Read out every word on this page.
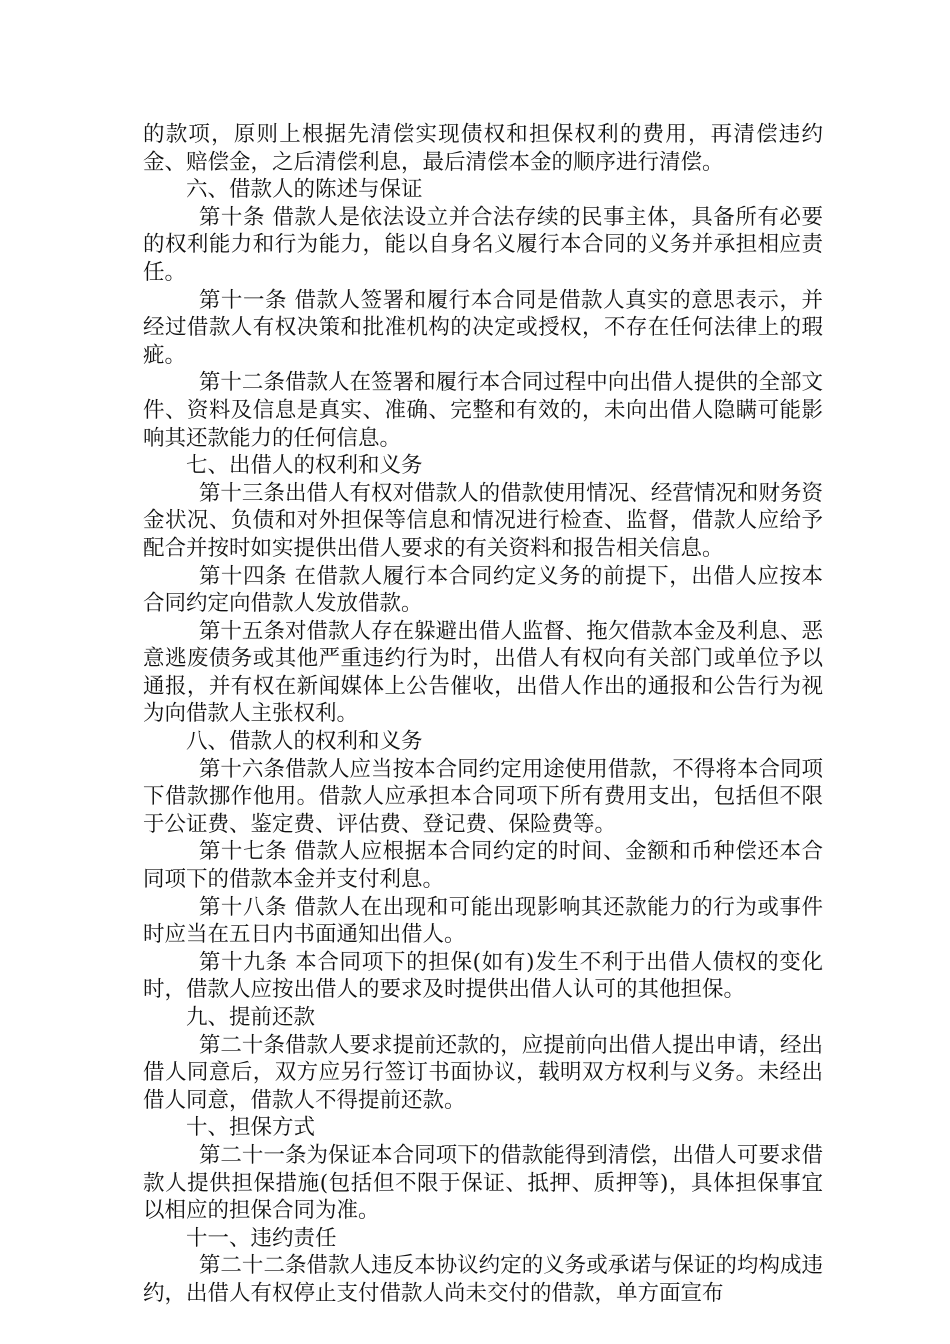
的款项，原则上根据先清偿实现债权和担保权利的费用，再清偿违约金、赔偿金，之后清偿利息，最后清偿本金的顺序进行清偿。

六、借款人的陈述与保证

第十条 借款人是依法设立并合法存续的民事主体，具备所有必要的权利能力和行为能力，能以自身名义履行本合同的义务并承担相应责任。

第十一条 借款人签署和履行本合同是借款人真实的意思表示，并经过借款人有权决策和批准机构的决定或授权，不存在任何法律上的瑕疵。

第十二条借款人在签署和履行本合同过程中向出借人提供的全部文件、资料及信息是真实、准确、完整和有效的，未向出借人隐瞒可能影响其还款能力的任何信息。

七、出借人的权利和义务

第十三条出借人有权对借款人的借款使用情况、经营情况和财务资金状况、负债和对外担保等信息和情况进行检查、监督，借款人应给予配合并按时如实提供出借人要求的有关资料和报告相关信息。

第十四条 在借款人履行本合同约定义务的前提下，出借人应按本合同约定向借款人发放借款。

第十五条对借款人存在躲避出借人监督、拖欠借款本金及利息、恶意逃废债务或其他严重违约行为时，出借人有权向有关部门或单位予以通报，并有权在新闻媒体上公告催收，出借人作出的通报和公告行为视为向借款人主张权利。

八、借款人的权利和义务

第十六条借款人应当按本合同约定用途使用借款，不得将本合同项下借款挪作他用。借款人应承担本合同项下所有费用支出，包括但不限于公证费、鉴定费、评估费、登记费、保险费等。

第十七条 借款人应根据本合同约定的时间、金额和币种偿还本合同项下的借款本金并支付利息。

第十八条 借款人在出现和可能出现影响其还款能力的行为或事件时应当在五日内书面通知出借人。

第十九条 本合同项下的担保(如有)发生不利于出借人债权的变化时，借款人应按出借人的要求及时提供出借人认可的其他担保。

九、提前还款

第二十条借款人要求提前还款的，应提前向出借人提出申请，经出借人同意后，双方应另行签订书面协议，载明双方权利与义务。未经出借人同意，借款人不得提前还款。

十、担保方式

第二十一条为保证本合同项下的借款能得到清偿，出借人可要求借款人提供担保措施(包括但不限于保证、抵押、质押等)，具体担保事宜以相应的担保合同为准。

十一、违约责任

第二十二条借款人违反本协议约定的义务或承诺与保证的均构成违约，出借人有权停止支付借款人尚未交付的借款，单方面宣布
